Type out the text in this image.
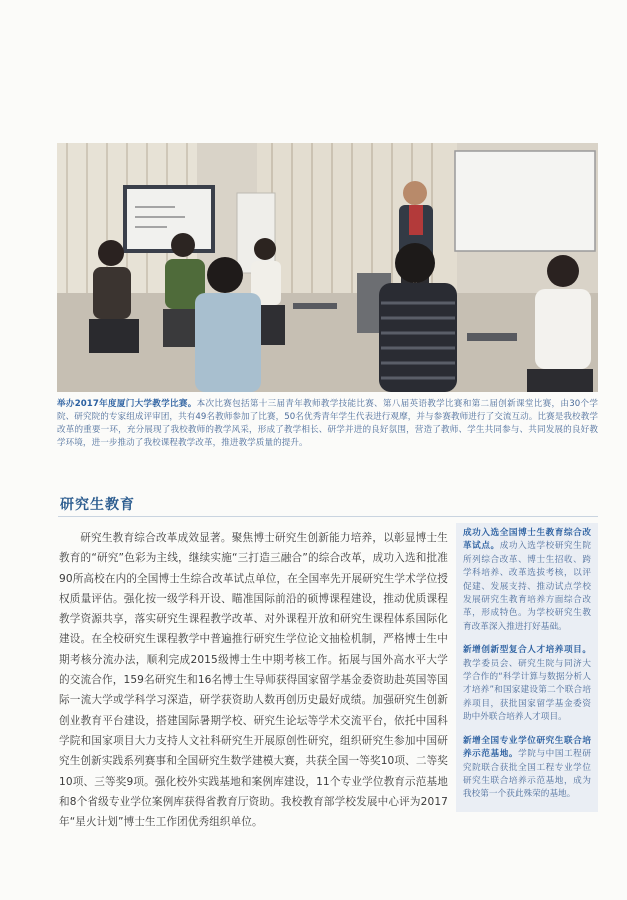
举办2017年度厦门大学教学比赛。本次比赛包括第十三届青年教师教学技能比赛、第八届英语教学比赛和第二届创新课堂比赛，由30个学院、研究院的专家组成评审团，共有49名教师参加了比赛，50名优秀青年学生代表进行观摩，并与参赛教师进行了交流互动。比赛是我校教学改革的重要一环，充分展现了我校教师的教学风采，形成了教学相长、研学并进的良好氛围，营造了教师、学生共同参与、共同发展的良好教学环境，进一步推动了我校课程教学改革，推进教学质量的提升。
研究生教育

研究生教育综合改革成效显著。聚焦博士研究生创新能力培养，以彰显博士生教育的“研究”色彩为主线，继续实施“三打造三融合”的综合改革，成功入选和批准90所高校在内的全国博士生综合改革试点单位，在全国率先开展研究生学术学位授权质量评估。强化按一级学科开设、瞄准国际前沿的硕博课程建设，推动优质课程教学资源共享，落实研究生课程教学改革、对外课程开放和研究生课程体系国际化建设。在全校研究生课程教学中普遍推行研究生学位论文抽检机制，严格博士生中期考核分流办法，顺利完成2015级博士生中期考核工作。拓展与国外高水平大学的交流合作，159名研究生和16名博士生导师获得国家留学基金委资助赴英国等国际一流大学或学科学习深造，研学获资助人数再创历史最好成绩。加强研究生创新创业教育平台建设，搭建国际暑期学校、研究生论坛等学术交流平台，依托中国科学院和国家项目大力支持人文社科研究生开展原创性研究，组织研究生参加中国研究生创新实践系列赛事和全国研究生数学建模大赛，共获全国一等奖10项、二等奖10项、三等奖9项。强化校外实践基地和案例库建设，11个专业学位教育示范基地和8个省级专业学位案例库获得省教育厅资助。我校教育部学校发展中心评为2017年“星火计划”博士生工作团优秀组织单位。

成功入选全国博士生教育综合改革试点。成功入选学校研究生院所列综合改革、博士生招收、跨学科培养、改革选拔考核，以评促建、发展支持、推动试点学校发展研究生教育培养方面综合改革，形成特色。为学校研究生教育改革深入推进打好基础。

新增创新型复合人才培养项目。教学委员会、研究生院与同济大学合作的“科学计算与数据分析人才培养”和国家建设第二个联合培养项目，获批国家留学基金委资助中外联合培养人才项目。

新增全国专业学位研究生联合培养示范基地。学院与中国工程研究院联合获批全国工程专业学位研究生联合培养示范基地，成为我校第一个获此殊荣的基地。
